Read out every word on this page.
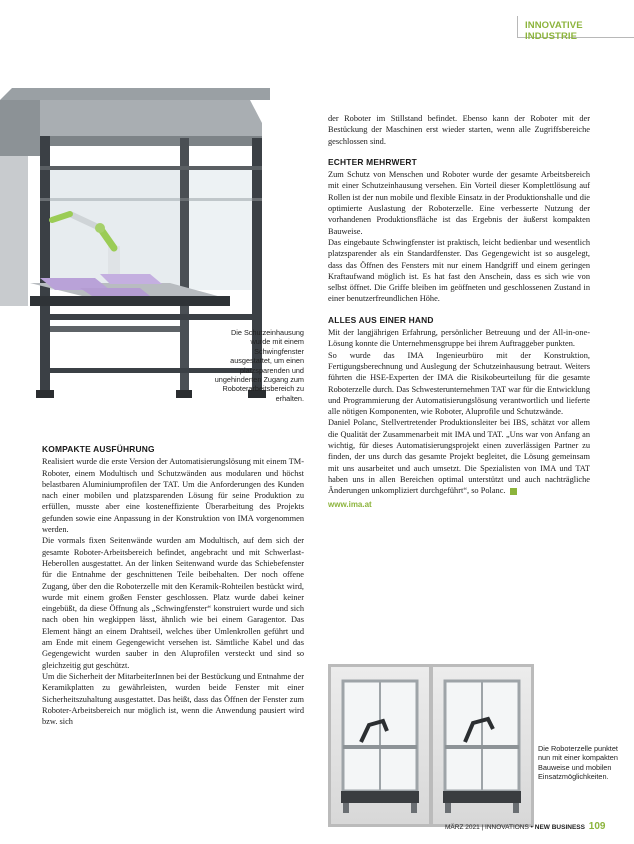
INNOVATIVE INDUSTRIE
Die Schutzeinhausung wurde mit einem Schwingfenster ausgestattet, um einen platzsparenden und ungehinderten Zugang zum Roboterarbeitsbereich zu erhalten.
KOMPAKTE AUSFÜHRUNG

Realisiert wurde die erste Version der Automatisierungslösung mit einem TM-Roboter, einem Modultisch und Schutzwänden aus modularen und höchst belastbaren Aluminiumprofilen der TAT. Um die Anforderungen des Kunden nach einer mobilen und platzsparenden Lösung für seine Produktion zu erfüllen, musste aber eine kosteneffiziente Überarbeitung des Projekts gefunden sowie eine Anpassung in der Konstruktion von IMA vorgenommen werden.

Die vormals fixen Seitenwände wurden am Modultisch, auf dem sich der gesamte Roboter-Arbeitsbereich befindet, angebracht und mit Schwerlast-Heberollen ausgestattet. An der linken Seitenwand wurde das Schiebefenster für die Entnahme der geschnittenen Teile beibehalten. Der noch offene Zugang, über den die Roboterzelle mit den Keramik-Rohteilen bestückt wird, wurde mit einem großen Fenster geschlossen. Platz wurde dabei keiner eingebüßt, da diese Öffnung als „Schwingfenster“ konstruiert wurde und sich nach oben hin wegkippen lässt, ähnlich wie bei einem Garagentor. Das Element hängt an einem Drahtseil, welches über Umlenkrollen geführt und am Ende mit einem Gegengewicht versehen ist. Sämtliche Kabel und das Gegengewicht wurden sauber in den Aluprofilen versteckt und sind so gleichzeitig gut geschützt.

Um die Sicherheit der MitarbeiterInnen bei der Bestückung und Entnahme der Keramikplatten zu gewährleisten, wurden beide Fenster mit einer Sicherheitszuhaltung ausgestattet. Das heißt, dass das Öffnen der Fenster zum Roboter-Arbeitsbereich nur möglich ist, wenn die Anwendung pausiert wird bzw. sich

der Roboter im Stillstand befindet. Ebenso kann der Roboter mit der Bestückung der Maschinen erst wieder starten, wenn alle Zugriffsbereiche geschlossen sind.

ECHTER MEHRWERT

Zum Schutz von Menschen und Roboter wurde der gesamte Arbeitsbereich mit einer Schutzeinhausung versehen. Ein Vorteil dieser Komplettlösung auf Rollen ist der nun mobile und flexible Einsatz in der Produktionshalle und die optimierte Auslastung der Roboterzelle. Eine verbesserte Nutzung der vorhandenen Produktionsfläche ist das Ergebnis der äußerst kompakten Bauweise.

Das eingebaute Schwingfenster ist praktisch, leicht bedienbar und wesentlich platzsparender als ein Standardfenster. Das Gegengewicht ist so ausgelegt, dass das Öffnen des Fensters mit nur einem Handgriff und einem geringen Kraftaufwand möglich ist. Es hat fast den Anschein, dass es sich wie von selbst öffnet. Die Griffe bleiben im geöffneten und geschlossenen Zustand in einer benutzerfreundlichen Höhe.

ALLES AUS EINER HAND

Mit der langjährigen Erfahrung, persönlicher Betreuung und der All-in-one-Lösung konnte die Unternehmensgruppe bei ihrem Auftraggeber punkten.

So wurde das IMA Ingenieurbüro mit der Konstruktion, Fertigungsberechnung und Auslegung der Schutzeinhausung betraut. Weiters führten die HSE-Experten der IMA die Risikobeurteilung für die gesamte Roboterzelle durch. Das Schwesterunternehmen TAT war für die Entwicklung und Programmierung der Automatisierungslösung verantwortlich und lieferte alle nötigen Komponenten, wie Roboter, Aluprofile und Schutzwände.

Daniel Polanc, Stellvertretender Produktionsleiter bei IBS, schätzt vor allem die Qualität der Zusammenarbeit mit IMA und TAT. „Uns war von Anfang an wichtig, für dieses Automatisierungsprojekt einen zuverlässigen Partner zu finden, der uns durch das gesamte Projekt begleitet, die Lösung gemeinsam mit uns ausarbeitet und auch umsetzt. Die Spezialisten von IMA und TAT haben uns in allen Bereichen optimal unterstützt und auch nachträgliche Änderungen unkompliziert durchgeführt“, so Polanc.

www.ima.at
Die Roboterzelle punktet nun mit einer kompakten Bauweise und mobilen Einsatzmöglichkeiten.
MÄRZ 2021 | INNOVATIONS • NEW BUSINESS 109
